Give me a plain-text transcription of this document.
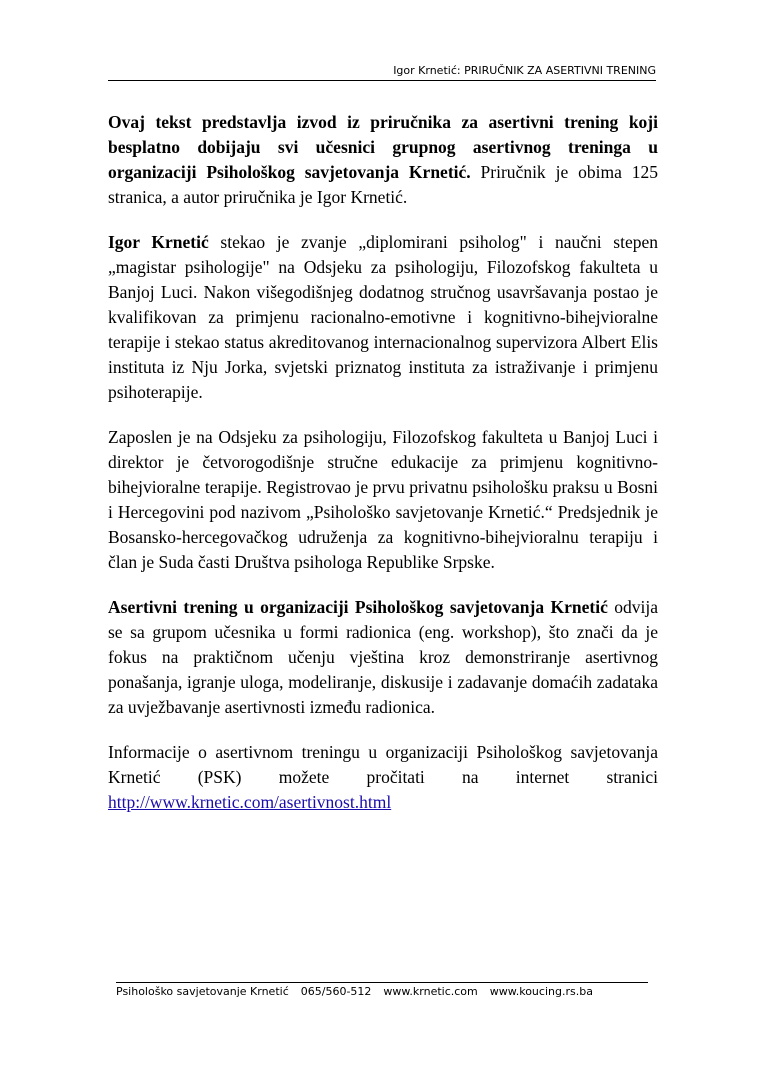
Igor Krnetić: PRIRUČNIK ZA ASERTIVNI TRENING

Ovaj tekst predstavlja izvod iz priručnika za asertivni trening koji besplatno dobijaju svi učesnici grupnog asertivnog treninga u organizaciji Psihološkog savjetovanja Krnetić. Priručnik je obima 125 stranica, a autor priručnika je Igor Krnetić.

Igor Krnetić stekao je zvanje „diplomirani psiholog" i naučni stepen „magistar psihologije" na Odsjeku za psihologiju, Filozofskog fakulteta u Banjoj Luci. Nakon višegodišnjeg dodatnog stručnog usavršavanja postao je kvalifikovan za primjenu racionalno-emotivne i kognitivno-bihejvioralne terapije i stekao status akreditovanog internacionalnog supervizora Albert Elis instituta iz Nju Jorka, svjetski priznatog instituta za istraživanje i primjenu psihoterapije.

Zaposlen je na Odsjeku za psihologiju, Filozofskog fakulteta u Banjoj Luci i direktor je četvorogodišnje stručne edukacije za primjenu kognitivno-bihejvioralne terapije. Registrovao je prvu privatnu psihološku praksu u Bosni i Hercegovini pod nazivom „Psihološko savjetovanje Krnetić.“ Predsjednik je Bosansko-hercegovačkog udruženja za kognitivno-bihejvioralnu terapiju i član je Suda časti Društva psihologa Republike Srpske.

Asertivni trening u organizaciji Psihološkog savjetovanja Krnetić odvija se sa grupom učesnika u formi radionica (eng. workshop), što znači da je fokus na praktičnom učenju vještina kroz demonstriranje asertivnog ponašanja, igranje uloga, modeliranje, diskusije i zadavanje domaćih zadataka za uvježbavanje asertivnosti između radionica.

Informacije o asertivnom treningu u organizaciji Psihološkog savjetovanja Krnetić (PSK) možete pročitati na internet stranici http://www.krnetic.com/asertivnost.html

Psihološko savjetovanje Krnetić 065/560-512 www.krnetic.com www.koucing.rs.ba
